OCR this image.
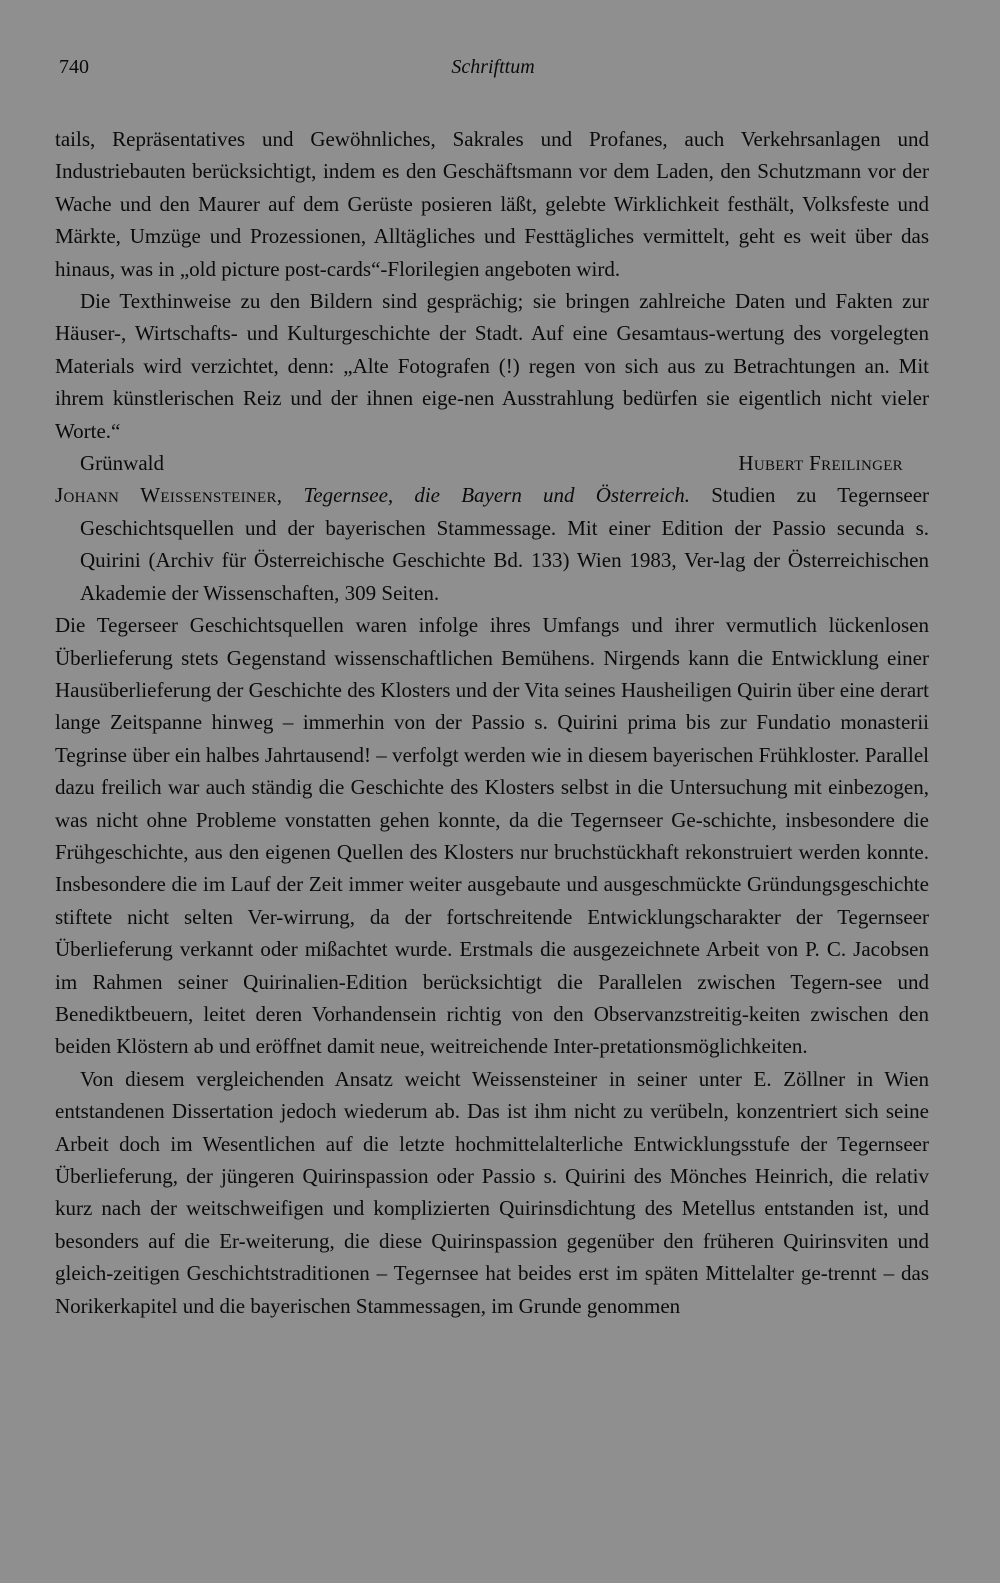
740	Schrifttum

tails, Repräsentatives und Gewöhnliches, Sakrales und Profanes, auch Verkehrsanlagen und Industriebauten berücksichtigt, indem es den Geschäftsmann vor dem Laden, den Schutzmann vor der Wache und den Maurer auf dem Gerüste posieren läßt, gelebte Wirklichkeit festhält, Volksfeste und Märkte, Umzüge und Prozessionen, Alltägliches und Festtägliches vermittelt, geht es weit über das hinaus, was in „old picture post-cards“-Florilegien angeboten wird.

Die Texthinweise zu den Bildern sind gesprächig; sie bringen zahlreiche Daten und Fakten zur Häuser-, Wirtschafts- und Kulturgeschichte der Stadt. Auf eine Gesamtaus-wertung des vorgelegten Materials wird verzichtet, denn: „Alte Fotografen (!) regen von sich aus zu Betrachtungen an. Mit ihrem künstlerischen Reiz und der ihnen eige-nen Ausstrahlung bedürfen sie eigentlich nicht vieler Worte.“

Grünwald	Hubert Freilinger

Johann Weissensteiner, Tegernsee, die Bayern und Österreich. Studien zu Tegernseer Geschichtsquellen und der bayerischen Stammessage. Mit einer Edition der Passio secunda s. Quirini (Archiv für Österreichische Geschichte Bd. 133) Wien 1983, Ver-lag der Österreichischen Akademie der Wissenschaften, 309 Seiten.

Die Tegerseer Geschichtsquellen waren infolge ihres Umfangs und ihrer vermutlich lückenlosen Überlieferung stets Gegenstand wissenschaftlichen Bemühens. Nirgends kann die Entwicklung einer Hausüberlieferung der Geschichte des Klosters und der Vita seines Hausheiligen Quirin über eine derart lange Zeitspanne hinweg – immerhin von der Passio s. Quirini prima bis zur Fundatio monasterii Tegrinse über ein halbes Jahrtausend! – verfolgt werden wie in diesem bayerischen Frühkloster. Parallel dazu freilich war auch ständig die Geschichte des Klosters selbst in die Untersuchung mit einbezogen, was nicht ohne Probleme vonstatten gehen konnte, da die Tegernseer Ge-schichte, insbesondere die Frühgeschichte, aus den eigenen Quellen des Klosters nur bruchstückhaft rekonstruiert werden konnte. Insbesondere die im Lauf der Zeit immer weiter ausgebaute und ausgeschmückte Gründungsgeschichte stiftete nicht selten Ver-wirrung, da der fortschreitende Entwicklungscharakter der Tegernseer Überlieferung verkannt oder mißachtet wurde. Erstmals die ausgezeichnete Arbeit von P. C. Jacobsen im Rahmen seiner Quirinalien-Edition berücksichtigt die Parallelen zwischen Tegern-see und Benediktbeuern, leitet deren Vorhandensein richtig von den Observanzstreitig-keiten zwischen den beiden Klöstern ab und eröffnet damit neue, weitreichende Inter-pretationsmöglichkeiten.

Von diesem vergleichenden Ansatz weicht Weissensteiner in seiner unter E. Zöllner in Wien entstandenen Dissertation jedoch wiederum ab. Das ist ihm nicht zu verübeln, konzentriert sich seine Arbeit doch im Wesentlichen auf die letzte hochmittelalterliche Entwicklungsstufe der Tegernseer Überlieferung, der jüngeren Quirinspassion oder Passio s. Quirini des Mönches Heinrich, die relativ kurz nach der weitschweifigen und komplizierten Quirinsdichtung des Metellus entstanden ist, und besonders auf die Er-weiterung, die diese Quirinspassion gegenüber den früheren Quirinsviten und gleich-zeitigen Geschichtstraditionen – Tegernsee hat beides erst im späten Mittelalter ge-trennt – das Norikerkapitel und die bayerischen Stammessagen, im Grunde genommen
